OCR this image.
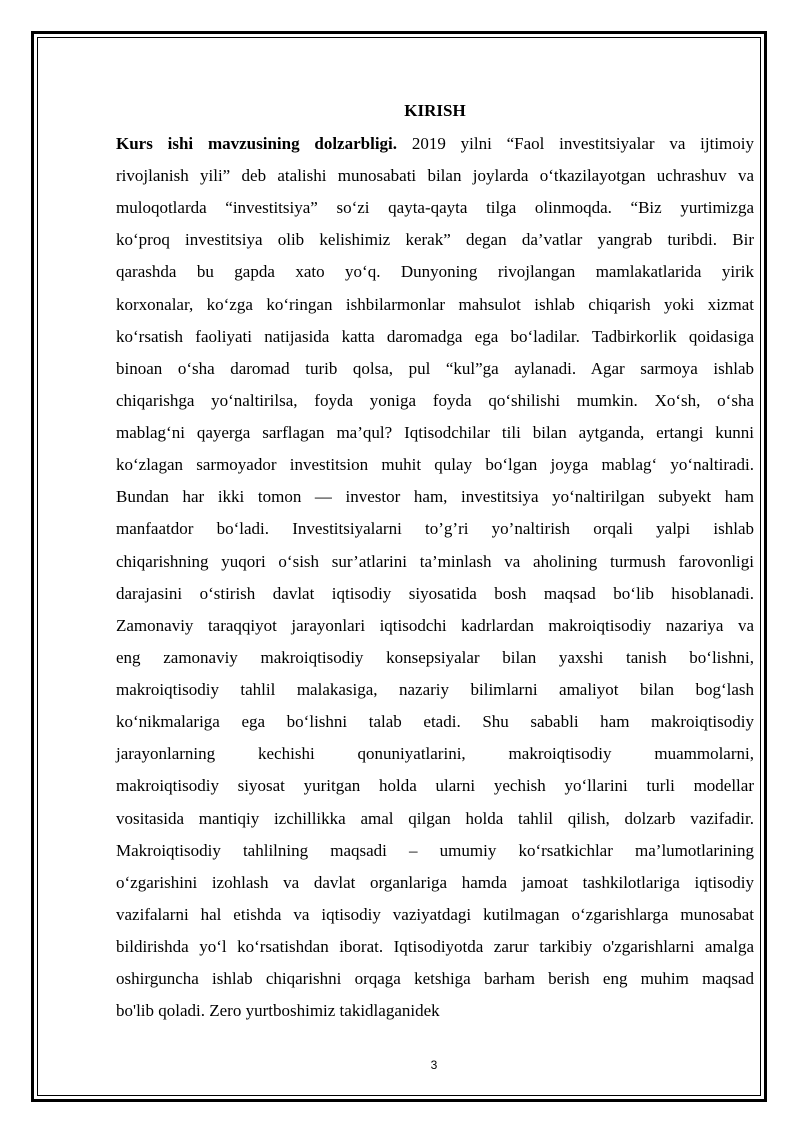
KIRISH
Kurs ishi mavzusining dolzarbligi. 2019 yilni “Faol investitsiyalar va ijtimoiy
rivojlanish yili” deb atalishi munosabati bilan joylarda o‘tkazilayotgan uchrashuv va
muloqotlarda “investitsiya” so‘zi qayta-qayta tilga olinmoqda. “Biz yurtimizga
ko‘proq investitsiya olib kelishimiz kerak” degan da’vatlar yangrab turibdi. Bir
qarashda bu gapda xato yo‘q. Dunyoning rivojlangan mamlakatlarida yirik
korxonalar, ko‘zga ko‘ringan ishbilarmonlar mahsulot ishlab chiqarish yoki xizmat
ko‘rsatish faoliyati natijasida katta daromadga ega bo‘ladilar. Tadbirkorlik qoidasiga
binoan o‘sha daromad turib qolsa, pul “kul”ga aylanadi. Agar sarmoya ishlab
chiqarishga yo‘naltirilsa, foyda yoniga foyda qo‘shilishi mumkin. Xo‘sh, o‘sha
mablag‘ni qayerga sarflagan ma’qul? Iqtisodchilar tili bilan aytganda, ertangi kunni
ko‘zlagan sarmoyador investitsion muhit qulay bo‘lgan joyga mablag‘ yo‘naltiradi.
Bundan har ikki tomon — investor ham, investitsiya yo‘naltirilgan subyekt ham
manfaatdor bo‘ladi. Investitsiyalarni to’g’ri yo’naltirish orqali yalpi ishlab
chiqarishning yuqori o‘sish sur’atlarini ta’minlash va aholining turmush farovonligi
darajasini o‘stirish davlat iqtisodiy siyosatida bosh maqsad bo‘lib hisoblanadi.
Zamonaviy taraqqiyot jarayonlari iqtisodchi kadrlardan makroiqtisodiy nazariya va
eng zamonaviy makroiqtisodiy konsepsiyalar bilan yaxshi tanish bo‘lishni,
makroiqtisodiy tahlil malakasiga, nazariy bilimlarni amaliyot bilan bog‘lash
ko‘nikmalariga ega bo‘lishni talab etadi. Shu sababli ham makroiqtisodiy
jarayonlarning kechishi qonuniyatlarini, makroiqtisodiy muammolarni,
makroiqtisodiy siyosat yuritgan holda ularni yechish yo‘llarini turli modellar
vositasida mantiqiy izchillikka amal qilgan holda tahlil qilish, dolzarb vazifadir.
Makroiqtisodiy tahlilning maqsadi – umumiy ko‘rsatkichlar ma’lumotlarining
o‘zgarishini izohlash va davlat organlariga hamda jamoat tashkilotlariga iqtisodiy
vazifalarni hal etishda va iqtisodiy vaziyatdagi kutilmagan o‘zgarishlarga munosabat
bildirishda yo‘l ko‘rsatishdan iborat. Iqtisodiyotda zarur tarkibiy o'zgarishlarni amalga
oshirguncha ishlab chiqarishni orqaga ketshiga barham berish eng muhim maqsad
bo'lib qoladi. Zero yurtboshimiz takidlaganidek
3
